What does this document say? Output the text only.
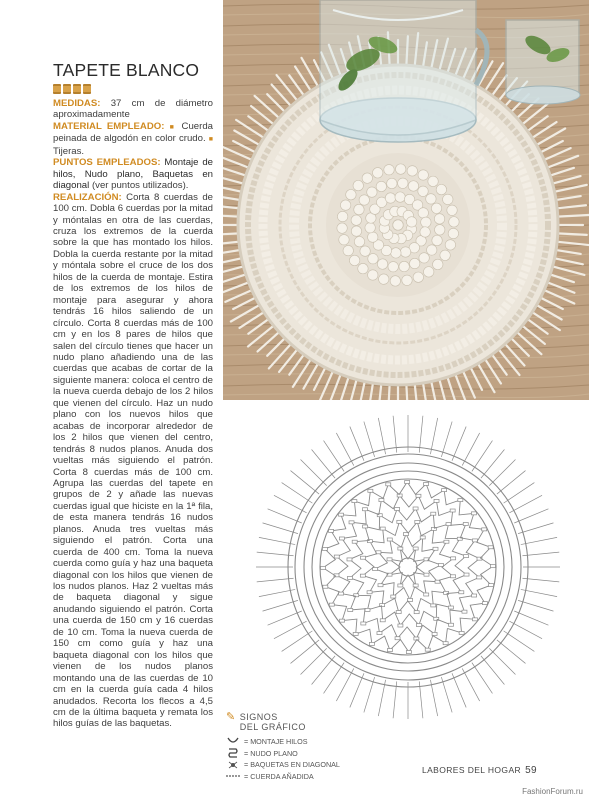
TAPETE BLANCO
MEDIDAS: 37 cm de diámetro aproximadamente
MATERIAL EMPLEADO: ■ Cuerda peinada de algodón en color crudo. ■ Tijeras.
PUNTOS EMPLEADOS: Montaje de hilos, Nudo plano, Baquetas en diagonal (ver puntos utilizados).
REALIZACIÓN: Corta 8 cuerdas de 100 cm. Dobla 6 cuerdas por la mitad y móntalas en otra de las cuerdas, cruza los extremos de la cuerda sobre la que has montado los hilos. Dobla la cuerda restante por la mitad y móntala sobre el cruce de los dos hilos de la cuerda de montaje. Estira de los extremos de los hilos de montaje para asegurar y ahora tendrás 16 hilos saliendo de un círculo. Corta 8 cuerdas más de 100 cm y en los 8 pares de hilos que salen del círculo tienes que hacer un nudo plano añadiendo una de las cuerdas que acabas de cortar de la siguiente manera: coloca el centro de la nueva cuerda debajo de los 2 hilos que vienen del círculo. Haz un nudo plano con los nuevos hilos que acabas de incorporar alrededor de los 2 hilos que vienen del centro, tendrás 8 nudos planos. Anuda dos vueltas más siguiendo el patrón. Corta 8 cuerdas más de 100 cm. Agrupa las cuerdas del tapete en grupos de 2 y añade las nuevas cuerdas igual que hiciste en la 1ª fila, de esta manera tendrás 16 nudos planos. Anuda tres vueltas más siguiendo el patrón. Corta una cuerda de 400 cm. Toma la nueva cuerda como guía y haz una baqueta diagonal con los hilos que vienen de los nudos planos. Haz 2 vueltas más de baqueta diagonal y sigue anudando siguiendo el patrón. Corta una cuerda de 150 cm y 16 cuerdas de 10 cm. Toma la nueva cuerda de 150 cm como guía y haz una baqueta diagonal con los hilos que vienen de los nudos planos montando una de las cuerdas de 10 cm en la cuerda guía cada 4 hilos anudados. Recorta los flecos a 4,5 cm de la última baqueta y remata los hilos guías de las baquetas.
✎ SIGNOS
DEL GRÁFICO
= MONTAJE HILOS
= NUDO PLANO
= BAQUETAS EN DIAGONAL
= CUERDA AÑADIDA
LABORES DEL HOGAR 59
FashionForum.ru
